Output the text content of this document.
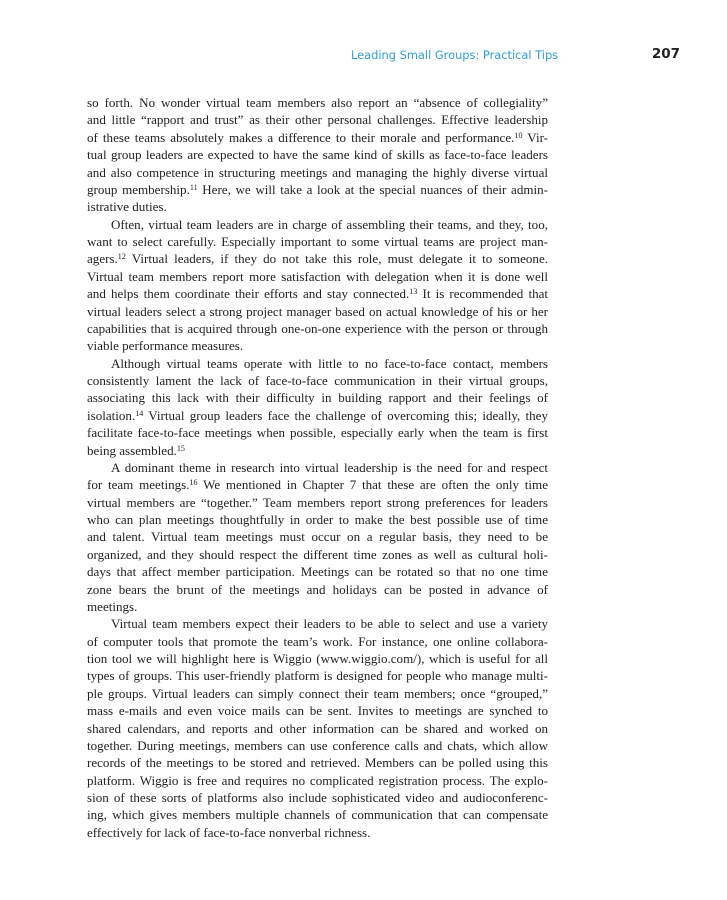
Leading Small Groups: Practical Tips	207

so forth. No wonder virtual team members also report an “absence of collegiality”
and little “rapport and trust” as their other personal challenges. Effective leadership
of these teams absolutely makes a difference to their morale and performance.$^{10}$ Vir-
tual group leaders are expected to have the same kind of skills as face-to-face leaders
and also competence in structuring meetings and managing the highly diverse virtual
group membership.$^{11}$ Here, we will take a look at the special nuances of their admin-
istrative duties.

Often, virtual team leaders are in charge of assembling their teams, and they, too,
want to select carefully. Especially important to some virtual teams are project man-
agers.$^{12}$ Virtual leaders, if they do not take this role, must delegate it to someone.
Virtual team members report more satisfaction with delegation when it is done well
and helps them coordinate their efforts and stay connected.$^{13}$ It is recommended that
virtual leaders select a strong project manager based on actual knowledge of his or her
capabilities that is acquired through one-on-one experience with the person or through
viable performance measures.

Although virtual teams operate with little to no face-to-face contact, members
consistently lament the lack of face-to-face communication in their virtual groups,
associating this lack with their difficulty in building rapport and their feelings of
isolation.$^{14}$ Virtual group leaders face the challenge of overcoming this; ideally, they
facilitate face-to-face meetings when possible, especially early when the team is first
being assembled.$^{15}$

A dominant theme in research into virtual leadership is the need for and respect
for team meetings.$^{16}$ We mentioned in Chapter 7 that these are often the only time
virtual members are “together.” Team members report strong preferences for leaders
who can plan meetings thoughtfully in order to make the best possible use of time
and talent. Virtual team meetings must occur on a regular basis, they need to be
organized, and they should respect the different time zones as well as cultural holi-
days that affect member participation. Meetings can be rotated so that no one time
zone bears the brunt of the meetings and holidays can be posted in advance of
meetings.

Virtual team members expect their leaders to be able to select and use a variety
of computer tools that promote the team’s work. For instance, one online collabora-
tion tool we will highlight here is Wiggio (www.wiggio.com/), which is useful for all
types of groups. This user-friendly platform is designed for people who manage multi-
ple groups. Virtual leaders can simply connect their team members; once “grouped,”
mass e-mails and even voice mails can be sent. Invites to meetings are synched to
shared calendars, and reports and other information can be shared and worked on
together. During meetings, members can use conference calls and chats, which allow
records of the meetings to be stored and retrieved. Members can be polled using this
platform. Wiggio is free and requires no complicated registration process. The explo-
sion of these sorts of platforms also include sophisticated video and audioconferenc-
ing, which gives members multiple channels of communication that can compensate
effectively for lack of face-to-face nonverbal richness.
